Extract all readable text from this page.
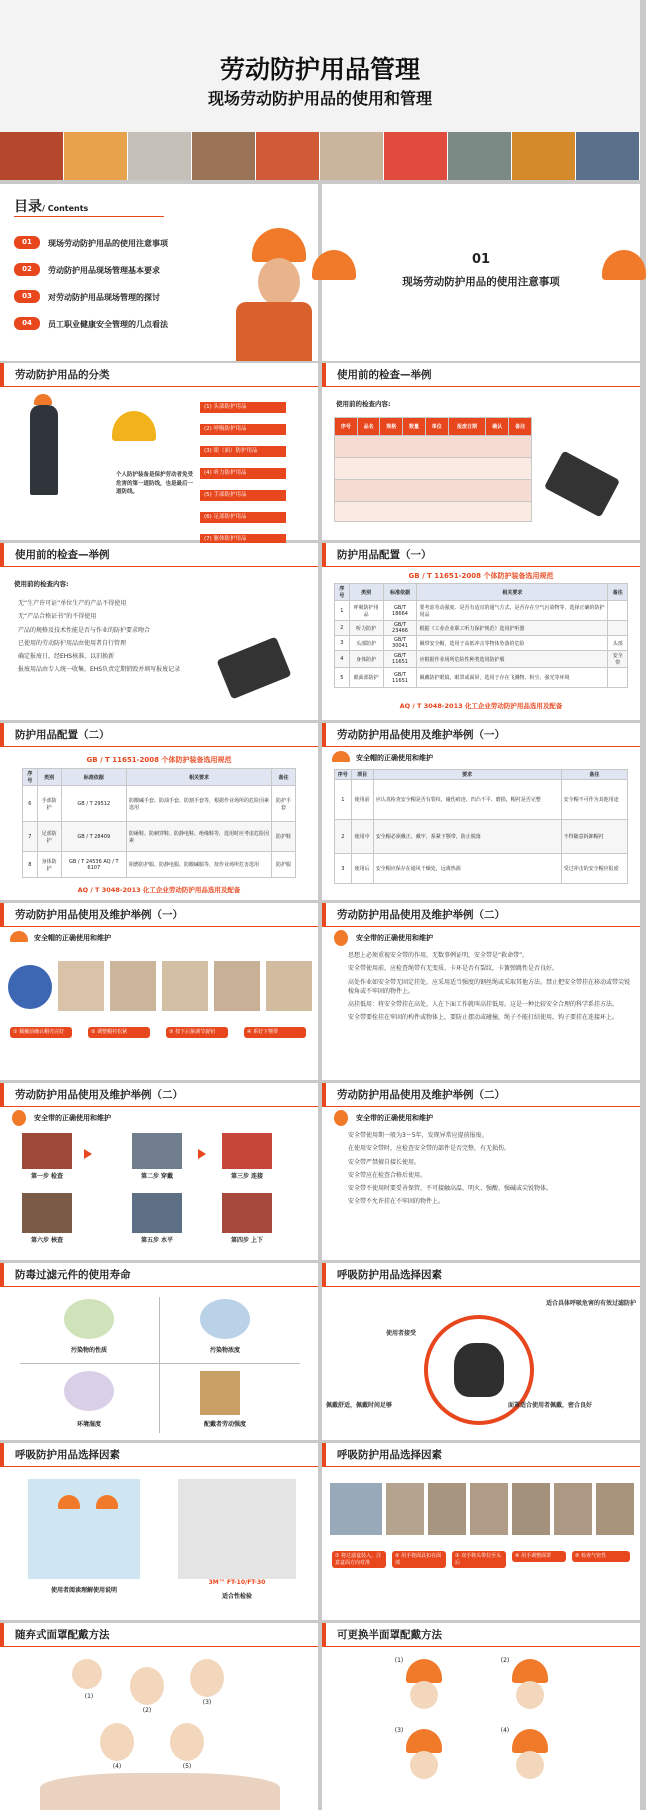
劳动防护用品管理
现场劳动防护用品的使用和管理
目录/ Contents
01	现场劳动防护用品的使用注意事项
02	劳动防护用品现场管理基本要求
03	对劳动防护用品现场管理的探讨
04	员工职业健康安全管理的几点看法
01
现场劳动防护用品的使用注意事项
劳动防护用品的分类
个人防护装备是保护劳动者免受危害的第一道防线，也是最后一道防线。
(1) 头部防护用品
(2) 呼吸防护用品
(3) 眼（面）防护用品
(4) 听力防护用品
(5) 手部防护用品
(6) 足部防护用品
(7) 躯体防护用品

使用前的检查—举例
使用前的检查内容:
序号	品名	规格	数量	单位	报废日期	确认	备注

使用前的检查—举例
使用前的检查内容:
无“生产许可证”单位生产的产品不得使用
无“产品合格证书”的不得使用
产品的规格及技术性能是否与作业的防护要求吻合
已使用的劳动防护用品由使用者自行管理
确定报废日，经EHS核准，以旧换新
报废用品由专人统一收集，EHS负责定期销毁并填写报废记录
防护用品配置（一）
GB / T 11651-2008 个体防护装备选用规范
序号	类别	标准依据	相关要求	备注
1	呼吸防护用品	GB/T 18664	要考虑劳动强度、是否有适宜的通气方式、是否存在空气污染物等，选择正确的防护用品	
2	听力防护	GB/T 23466	根据《工业企业职工听力保护规范》选用护听器	
3	头部防护	GB/T 30041	佩带安全帽，选用于高低冲击等物体坠落的危险	头部
4	身体防护	GB/T 11651	应根据作业场所危险性种类选用防护服	安全带
5	眼面部防护	GB/T 11651	佩戴防护眼镜、眼罩或面屏，选用于存在飞溅物、粉尘、强光等环境	
AQ / T 3048-2013 化工企业劳动防护用品选用及配备
防护用品配置（二）
GB / T 11651-2008 个体防护装备选用规范
序号	类别	标准依据	相关要求	备注
6	手部防护	GB / T 29512	防酸碱手套、防油手套、防割手套等，根据作业场所的危险因素选用	防护手套
7	足部防护	GB / T 28409	防砸鞋、防刺穿鞋、防静电鞋、绝缘鞋等，选用时应考虑危险因素	防护鞋
8	身体防护	GB / T 24536 AQ / T 6107	阻燃防护服、防静电服、防酸碱服等，按作业场所危害选用	防护服
AQ / T 3048-2013 化工企业劳动防护用品选用及配备
劳动防护用品使用及维护举例（一）
安全帽的正确使用和维护
序号	项目	要求	备注
1	使用前	应认真检查安全帽是否有裂纹、碰伤痕迹、凹凸不平、磨损，帽衬是否完整	安全帽不可作为其他用途
2	使用中	安全帽必须戴正、戴牢，系紧下颚带，防止脱落	不得随意拆卸帽衬
3	使用后	安全帽应保存在通风干燥处，远离热源	受过冲击的安全帽应报废
劳动防护用品使用及维护举例（一）
安全帽的正确使用和维护
① 佩戴前确认帽壳完好	② 调整帽衬松紧	③ 按下后箍调节旋钮	④ 系好下颚带
劳动防护用品使用及维护举例（二）
安全带的正确使用和维护
思想上必须重视安全带的作用，无数事例证明，安全带是“救命带”。
安全带使用前，应检查绳带有无变质、卡环是否有裂纹，卡簧弹跳性是否良好。
高处作业如安全带无固定挂处，应采用适当强度的钢丝绳或采取其他方法。禁止把安全带挂在移动或带尖锐棱角或不牢固的物件上。
高挂低用：将安全带挂在高处，人在下面工作就叫高挂低用。这是一种比较安全合理的科学系挂方法。
安全带要拴挂在牢固的构件或物体上，要防止摆动或碰撞，绳子不能打结使用，钩子要挂在连接环上。
劳动防护用品使用及维护举例（二）
安全带的正确使用和维护
第一步 检查	第二步 穿戴	第三步 连接
第四步 上下
第五步 水平
第六步 核查
劳动防护用品使用及维护举例（二）
安全带的正确使用和维护
安全带使用期一般为3～5年，发现异常应提前报废。
在使用安全带时，应检查安全带的部件是否完整，有无损伤。
安全带严禁擅自接长使用。
安全带应在检查合格后使用。
安全带不使用时要妥善保管，不可接触高温、明火、强酸、强碱或尖锐物体。
安全带不允许挂在不牢固的物件上。
防毒过滤元件的使用寿命
污染物的性质	污染物浓度
环境湿度	配戴者劳动强度
呼吸防护用品选择因素
适合具体呼吸危害的有效过滤防护
使用者接受
佩戴舒适，佩戴时间足够	面罩适合使用者佩戴，密合良好
呼吸防护用品选择因素
使用者阅读理解使用说明
3M™ FT-10/FT-30
适合性检验
呼吸防护用品选择因素
① 将过滤盒装入，注意盒面方向对准
② 用手将面具扣在面部
③ 双手将头带拉至头后
④ 用手调整面罩	⑤ 检查气密性
随弃式面罩配戴方法
(1)
(2)
(3)
(4)	(5)
可更换半面罩配戴方法
(1)	(2)
(3)	(4)
